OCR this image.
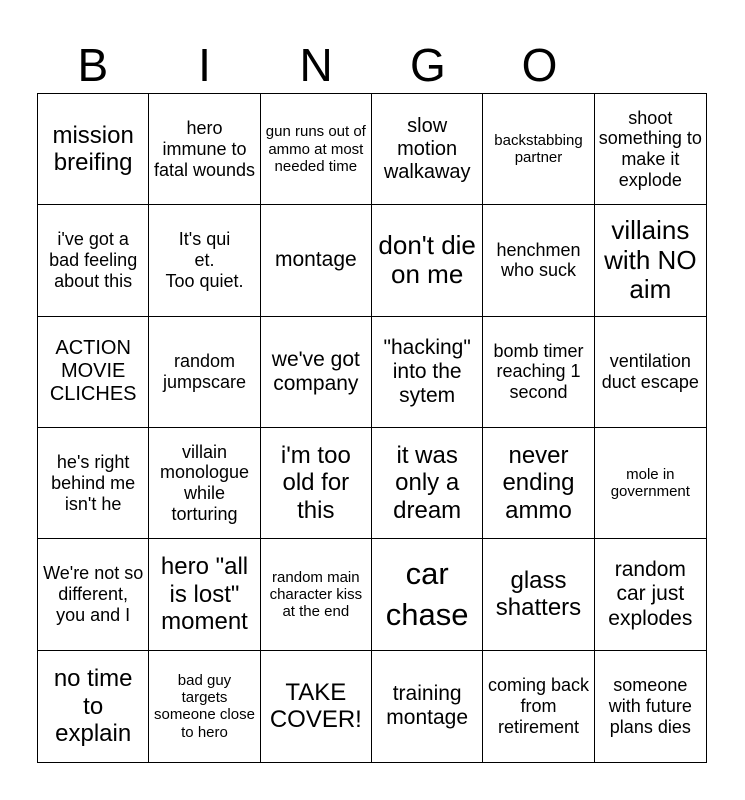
B	I	N	G	O
mission breifing
hero immune to fatal wounds
gun runs out of ammo at most needed time
slow motion walkaway
backstabbing partner
shoot something to make it explode
i've got a bad feeling about this
It's qui
et.
Too quiet.
montage
don't die on me
henchmen who suck
villains with NO aim
ACTION MOVIE CLICHES
random jumpscare
we've got company
"hacking" into the sytem
bomb timer reaching 1 second
ventilation duct escape
he's right behind me isn't he
villain monologue while torturing
i'm too old for this
it was only a dream
never ending ammo
mole in government
We're not so different, you and I
hero "all is lost" moment
random main character kiss at the end
car chase
glass shatters
random car just explodes
no time to explain
bad guy targets someone close to hero
TAKE COVER!
training montage
coming back from retirement
someone with future plans dies
